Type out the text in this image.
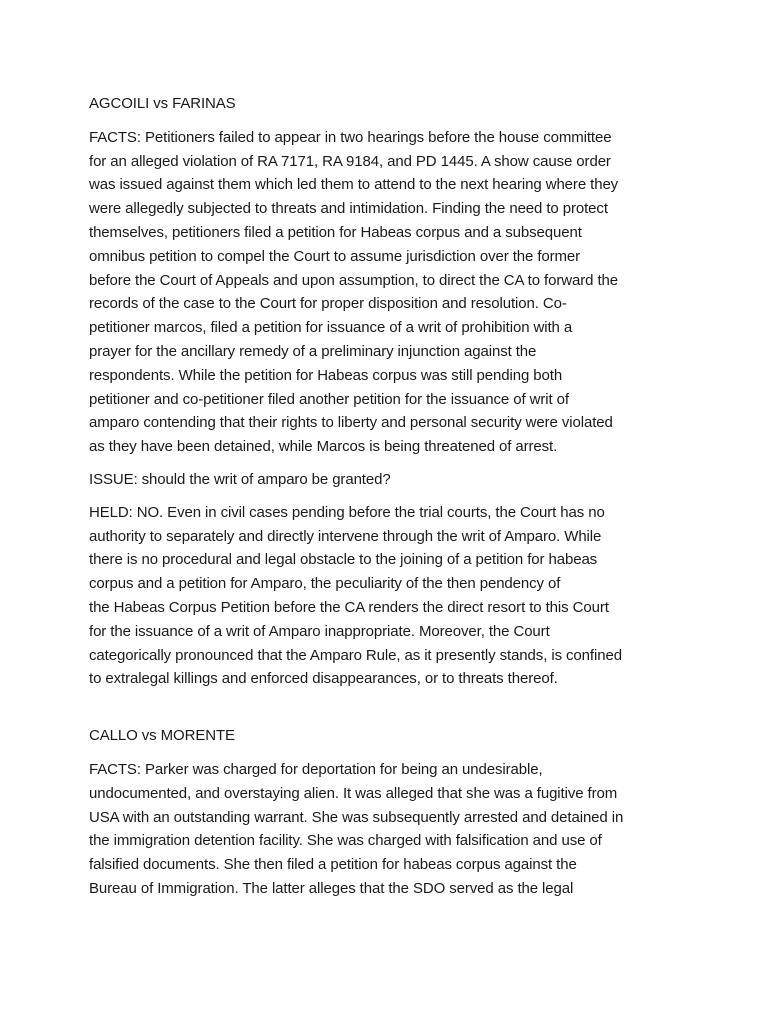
AGCOILI vs FARINAS

FACTS: Petitioners failed to appear in two hearings before the house committee
for an alleged violation of RA 7171, RA 9184, and PD 1445. A show cause order
was issued against them which led them to attend to the next hearing where they
were allegedly subjected to threats and intimidation. Finding the need to protect
themselves, petitioners filed a petition for Habeas corpus and a subsequent
omnibus petition to compel the Court to assume jurisdiction over the former
before the Court of Appeals and upon assumption, to direct the CA to forward the
records of the case to the Court for proper disposition and resolution. Co-
petitioner marcos, filed a petition for issuance of a writ of prohibition with a
prayer for the ancillary remedy of a preliminary injunction against the
respondents. While the petition for Habeas corpus was still pending both
petitioner and co-petitioner filed another petition for the issuance of writ of
amparo contending that their rights to liberty and personal security were violated
as they have been detained, while Marcos is being threatened of arrest.

ISSUE: should the writ of amparo be granted?

HELD: NO. Even in civil cases pending before the trial courts, the Court has no
authority to separately and directly intervene through the writ of Amparo. While
there is no procedural and legal obstacle to the joining of a petition for habeas
corpus and a petition for Amparo, the peculiarity of the then pendency of
the Habeas Corpus Petition before the CA renders the direct resort to this Court
for the issuance of a writ of Amparo inappropriate. Moreover, the Court
categorically pronounced that the Amparo Rule, as it presently stands, is confined
to extralegal killings and enforced disappearances, or to threats thereof.

CALLO vs MORENTE

FACTS: Parker was charged for deportation for being an undesirable,
undocumented, and overstaying alien. It was alleged that she was a fugitive from
USA with an outstanding warrant. She was subsequently arrested and detained in
the immigration detention facility. She was charged with falsification and use of
falsified documents. She then filed a petition for habeas corpus against the
Bureau of Immigration. The latter alleges that the SDO served as the legal
